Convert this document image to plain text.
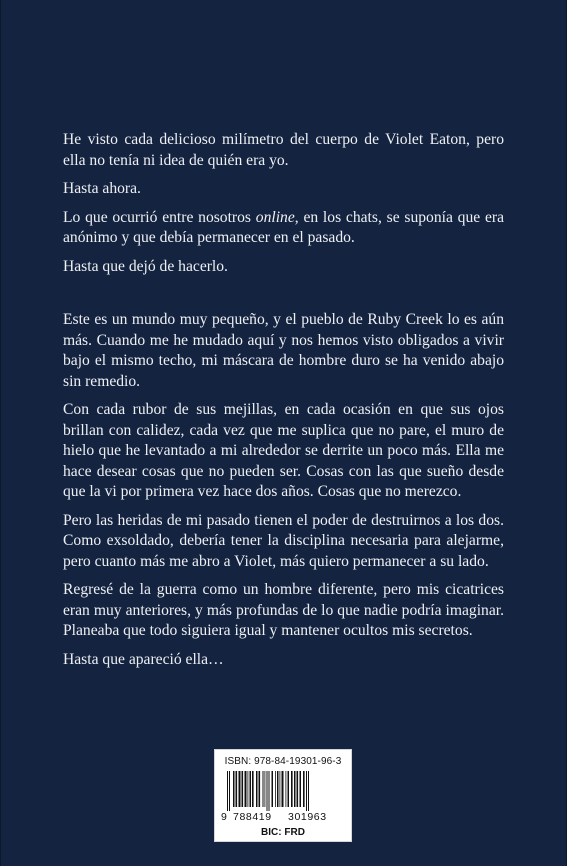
He visto cada delicioso milímetro del cuerpo de Violet Eaton, pero ella no tenía ni idea de quién era yo.

Hasta ahora.

Lo que ocurrió entre nosotros online, en los chats, se suponía que era anónimo y que debía permanecer en el pasado.

Hasta que dejó de hacerlo.

Este es un mundo muy pequeño, y el pueblo de Ruby Creek lo es aún más. Cuando me he mudado aquí y nos hemos visto obligados a vivir bajo el mismo techo, mi máscara de hombre duro se ha venido abajo sin remedio.

Con cada rubor de sus mejillas, en cada ocasión en que sus ojos brillan con calidez, cada vez que me suplica que no pare, el muro de hielo que he levantado a mi alrededor se derrite un poco más. Ella me hace desear cosas que no pueden ser. Cosas con las que sueño desde que la vi por primera vez hace dos años. Cosas que no merezco.

Pero las heridas de mi pasado tienen el poder de destruirnos a los dos. Como exsoldado, debería tener la disciplina necesaria para alejarme, pero cuanto más me abro a Violet, más quiero permanecer a su lado.

Regresé de la guerra como un hombre diferente, pero mis cicatrices eran muy anteriores, y más profundas de lo que nadie podría imaginar. Planeaba que todo siguiera igual y mantener ocultos mis secretos.

Hasta que apareció ella…

ISBN: 978-84-19301-96-3
9 788419 301963
BIC: FRD
